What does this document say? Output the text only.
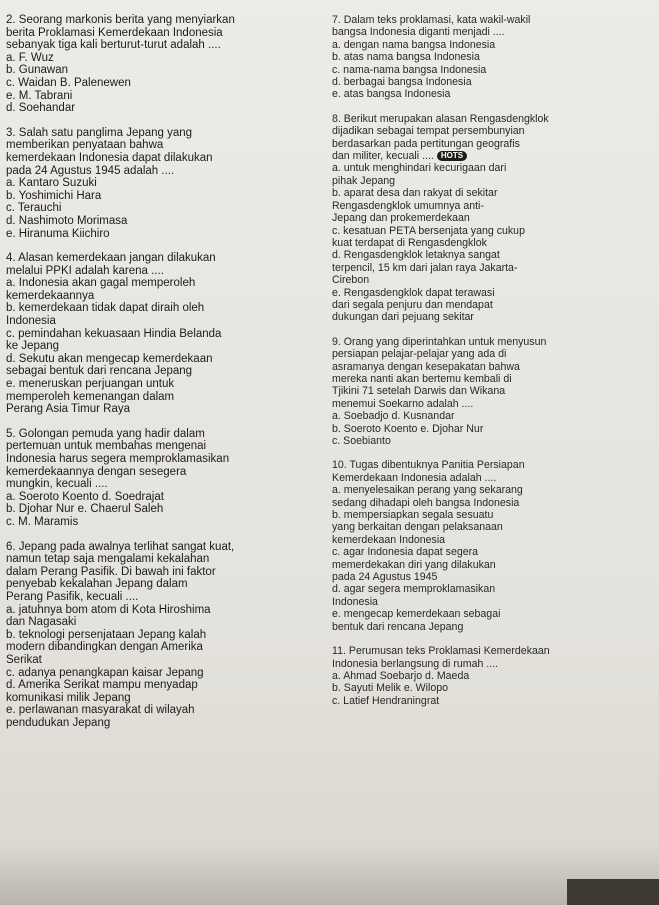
2. Seorang markonis berita yang menyiarkan
berita Proklamasi Kemerdekaan Indonesia
sebanyak tiga kali berturut-turut adalah ....
a. F. Wuz
b. Gunawan
c. Waidan B. Palenewen
e. M. Tabrani
d. Soehandar
3. Salah satu panglima Jepang yang
memberikan penyataan bahwa
kemerdekaan Indonesia dapat dilakukan
pada 24 Agustus 1945 adalah ....
a. Kantaro Suzuki
b. Yoshimichi Hara
c. Terauchi
d. Nashimoto Morimasa
e. Hiranuma Kiichiro
4. Alasan kemerdekaan jangan dilakukan
melalui PPKI adalah karena ....
a. Indonesia akan gagal memperoleh
kemerdekaannya
b. kemerdekaan tidak dapat diraih oleh
Indonesia
c. pemindahan kekuasaan Hindia Belanda
ke Jepang
d. Sekutu akan mengecap kemerdekaan
sebagai bentuk dari rencana Jepang
e. meneruskan perjuangan untuk
memperoleh kemenangan dalam
Perang Asia Timur Raya
5. Golongan pemuda yang hadir dalam
pertemuan untuk membahas mengenai
Indonesia harus segera memproklamasikan
kemerdekaannya dengan sesegera
mungkin, kecuali ....
a. Soeroto Koento d. Soedrajat
b. Djohar Nur e. Chaerul Saleh
c. M. Maramis
6. Jepang pada awalnya terlihat sangat kuat,
namun tetap saja mengalami kekalahan
dalam Perang Pasifik. Di bawah ini faktor
penyebab kekalahan Jepang dalam
Perang Pasifik, kecuali ....
a. jatuhnya bom atom di Kota Hiroshima
dan Nagasaki
b. teknologi persenjataan Jepang kalah
modern dibandingkan dengan Amerika
Serikat
c. adanya penangkapan kaisar Jepang
d. Amerika Serikat mampu menyadap
komunikasi milik Jepang
e. perlawanan masyarakat di wilayah
pendudukan Jepang
7. Dalam teks proklamasi, kata wakil-wakil
bangsa Indonesia diganti menjadi ....
a. dengan nama bangsa Indonesia
b. atas nama bangsa Indonesia
c. nama-nama bangsa Indonesia
d. berbagai bangsa Indonesia
e. atas bangsa Indonesia
8. Berikut merupakan alasan Rengasdengklok
dijadikan sebagai tempat persembunyian
berdasarkan pada pertitungan geografis
dan militer, kecuali .... HOTS
a. untuk menghindari kecurigaan dari
pihak Jepang
b. aparat desa dan rakyat di sekitar
Rengasdengklok umumnya anti-
Jepang dan prokemerdekaan
c. kesatuan PETA bersenjata yang cukup
kuat terdapat di Rengasdengklok
d. Rengasdengklok letaknya sangat
terpencil, 15 km dari jalan raya Jakarta-
Cirebon
e. Rengasdengklok dapat terawasi
dari segala penjuru dan mendapat
dukungan dari pejuang sekitar
9. Orang yang diperintahkan untuk menyusun
persiapan pelajar-pelajar yang ada di
asramanya dengan kesepakatan bahwa
mereka nanti akan bertemu kembali di
Tjikini 71 setelah Darwis dan Wikana
menemui Soekarno adalah ....
a. Soebadjo d. Kusnandar
b. Soeroto Koento e. Djohar Nur
c. Soebianto
10. Tugas dibentuknya Panitia Persiapan
Kemerdekaan Indonesia adalah ....
a. menyelesaikan perang yang sekarang
sedang dihadapi oleh bangsa Indonesia
b. mempersiapkan segala sesuatu
yang berkaitan dengan pelaksanaan
kemerdekaan Indonesia
c. agar Indonesia dapat segera
memerdekakan diri yang dilakukan
pada 24 Agustus 1945
d. agar segera memproklamasikan
Indonesia
e. mengecap kemerdekaan sebagai
bentuk dari rencana Jepang
11. Perumusan teks Proklamasi Kemerdekaan
Indonesia berlangsung di rumah ....
a. Ahmad Soebarjo d. Maeda
b. Sayuti Melik e. Wilopo
c. Latief Hendraningrat
